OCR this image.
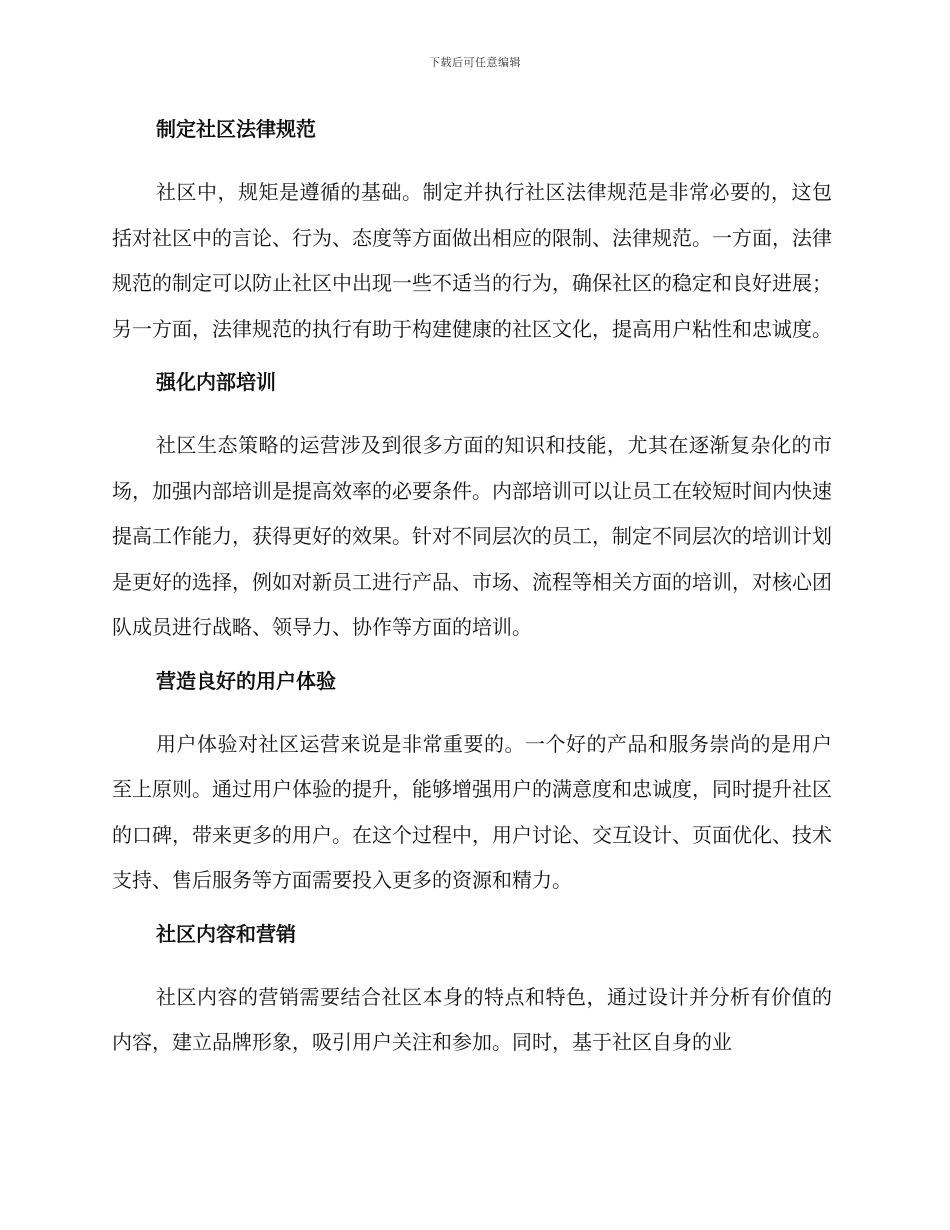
下载后可任意编辑
制定社区法律规范

社区中，规矩是遵循的基础。制定并执行社区法律规范是非常必要的，这包括对社区中的言论、行为、态度等方面做出相应的限制、法律规范。一方面，法律规范的制定可以防止社区中出现一些不适当的行为，确保社区的稳定和良好进展；另一方面，法律规范的执行有助于构建健康的社区文化，提高用户粘性和忠诚度。

强化内部培训

社区生态策略的运营涉及到很多方面的知识和技能，尤其在逐渐复杂化的市场，加强内部培训是提高效率的必要条件。内部培训可以让员工在较短时间内快速提高工作能力，获得更好的效果。针对不同层次的员工，制定不同层次的培训计划是更好的选择，例如对新员工进行产品、市场、流程等相关方面的培训，对核心团队成员进行战略、领导力、协作等方面的培训。

营造良好的用户体验

用户体验对社区运营来说是非常重要的。一个好的产品和服务崇尚的是用户至上原则。通过用户体验的提升，能够增强用户的满意度和忠诚度，同时提升社区的口碑，带来更多的用户。在这个过程中，用户讨论、交互设计、页面优化、技术支持、售后服务等方面需要投入更多的资源和精力。

社区内容和营销

社区内容的营销需要结合社区本身的特点和特色，通过设计并分析有价值的内容，建立品牌形象，吸引用户关注和参加。同时，基于社区自身的业
